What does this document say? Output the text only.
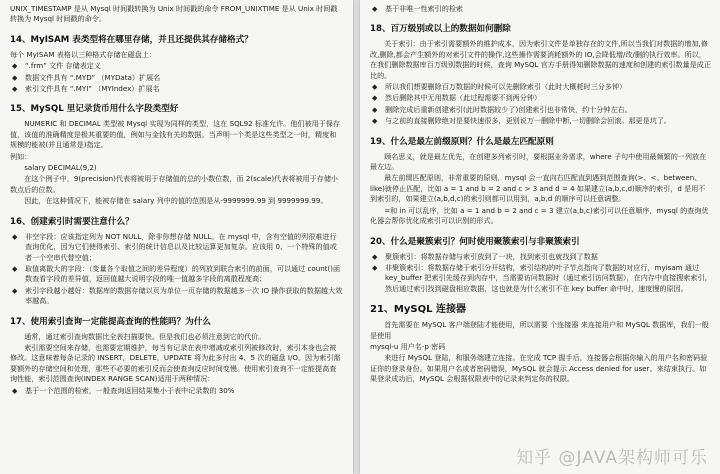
UNIX_TIMESTAMP 是从 Mysql 时间戳转换为 Unix 时间戳的命令 FROM_UNIXTIME 是从 Unix 时间戳转换为 Mysql 时间戳的命令。

14、MyISAM 表类型将在哪里存储，并且还提供其存储格式？

每个 MyISAM 表格以三种格式存储在磁盘上：

◆ “.frm” 文件 存储表定义
◆ 数据文件具有 “.MYD” （MYData）扩展名
◆ 索引文件具有 “.MYI” （MYIndex）扩展名
15、MySQL 里记录货币用什么字段类型好

NUMERIC 和 DECIMAL 类型被 Mysql 实现为同样的类型，这在 SQL92 标准允许。他们被用于保存值，该值的准确精度是极其重要的值，例如与金钱有关的数据。当声明一个类是这些类型之一时，精度和规模的能被(并且通常是)指定。

例如：

salary DECIMAL(9,2)

在这个例子中，9(precision)代表将被用于存储值的总的小数位数，而 2(scale)代表将被用于存储小数点后的位数。

因此，在这种情况下，能被存储在 salary 列中的值的范围是从-9999999.99 到 9999999.99。

16、创建索引时需要注意什么？
◆ 非空字段：应该指定列为 NOT NULL，除非你想存储 NULL。在 mysql 中，含有空值的列很难进行查询优化，因为它们使得索引、索引的统计信息以及比较运算更加复杂。应该用 0、一个特殊的值或者一个空串代替空值；
◆ 取值离散大的字段：（变量各个取值之间的差异程度）的列放到联合索引的前面，可以通过 count()函数查看字段的差异值，返回值越大说明字段的唯一值越多字段的离散程度高；
◆ 索引字段越小越好：数据库的数据存储以页为单位一页存储的数据越多一次 IO 操作获取的数据越大效率越高。
17、使用索引查询一定能提高查询的性能吗？为什么

通常，通过索引查询数据比全表扫描要快。但是我们也必须注意到它的代价。

索引需要空间来存储，也需要定期维护，每当有记录在表中增减或索引列被修改时，索引本身也会被修改。这意味着每条记录的 INSERT，DELETE，UPDATE 将为此多付出 4、5 次的磁盘 I/O。因为索引需要额外的存储空间和处理，那些不必要的索引反而会使查询反应时间变慢。使用索引查询不一定能提高查询性能，索引范围查询(INDEX RANGE SCAN)适用于两种情况：

◆ 基于一个范围的检索，一般查询返回结果集小于表中记录数的 30%
◆ 基于非唯一性索引的检索
18、百万级别或以上的数据如何删除

关于索引：由于索引需要额外的维护成本，因为索引文件是单独存在的文件,所以当我们对数据的增加,修改,删除,都会产生额外的对索引文件的操作,这些操作需要消耗额外的 IO,会降低增/改/删的执行效率。所以，在我们删除数据库百万级别数据的时候，查询 MySQL 官方手册得知删除数据的速度和创建的索引数量是成正比的。

◆ 所以我们想要删除百万数据的时候可以先删除索引（此时大概耗时三分多钟）
◆ 然后删除其中无用数据（此过程需要不到两分钟）
◆ 删除完成后重新创建索引(此时数据较少了)创建索引也非常快，约十分钟左右。
◆ 与之前的直接删除绝对是要快速很多，更别说万一删除中断,一切删除会回滚。那更是坑了。
19、什么是最左前缀原则？什么是最左匹配原则

顾名思义，就是最左优先，在创建多列索引时，要根据业务需求，where 子句中使用最频繁的一列放在最左边。

最左前缀匹配原则，非常重要的原则，mysql 会一直向右匹配直到遇到范围查询(>、<、between、like)就停止匹配，比如 a = 1 and b = 2 and c > 3 and d = 4 如果建立(a,b,c,d)顺序的索引，d 是用不到索引的，如果建立(a,b,d,c)的索引则都可以用到，a,b,d 的顺序可以任意调整。

=和 in 可以乱序，比如 a = 1 and b = 2 and c = 3 建立(a,b,c)索引可以任意顺序，mysql 的查询优化器会帮你优化成索引可以识别的形式。

20、什么是聚簇索引？何时使用聚簇索引与非聚簇索引
◆ 聚簇索引：将数据存储与索引放到了一块，找到索引也就找到了数据
◆ 非聚簇索引：将数据存储于索引分开结构，索引结构的叶子节点指向了数据的对应行，myisam 通过 key_buffer 把索引先缓存到内存中，当需要访问数据时（通过索引访问数据），在内存中直接搜索索引，然后通过索引找到磁盘相应数据，这也就是为什么索引不在 key buffer 命中时，速度慢的原因。
21、MySQL 连接器

首先需要在 MySQL 客户端登陆才能使用，所以需要 个连接器 来连接用户和 MySQL 数据库，我们一般是使用

mysql-u 用户名-p 密码

来进行 MySQL 登陆，和服务端建立连接。在完成 TCP 握手后，连接器会根据你输入的用户名和密码验证你的登录身份。如果用户名或者密码错误，MySQL 就会提示 Access denied for user。来结束执行。如果登录成功后，MySQL 会根据权限表中的记录来判定你的权限。

知乎 @JAVA架构师可乐
